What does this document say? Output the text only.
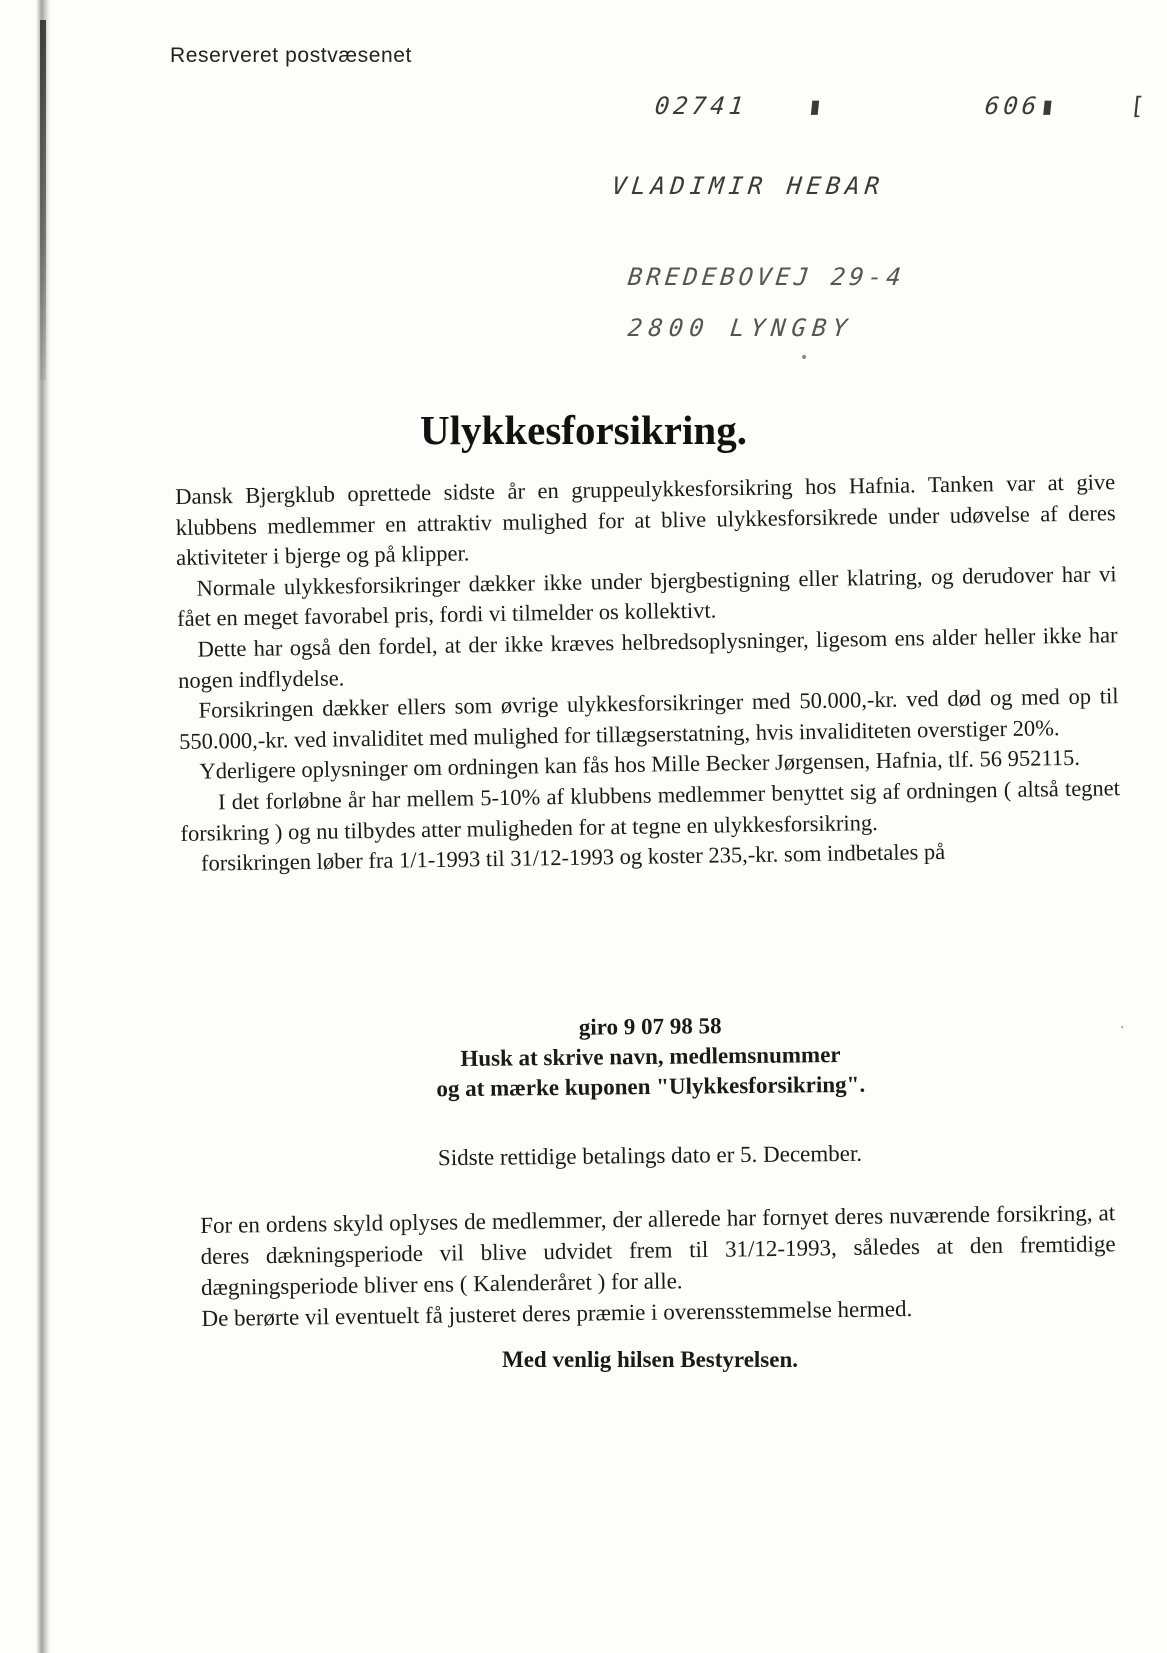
Reserveret postvæsenet
02741 ▮	606▮	[
VLADIMIR HEBAR
BREDEBOVEJ 29-4
2800 LYNGBY
•
Ulykkesforsikring.

Dansk Bjergklub oprettede sidste år en gruppeulykkesforsikring hos Hafnia. Tanken var at give klubbens medlemmer en attraktiv mulighed for at blive ulykkesforsikrede under udøvelse af deres aktiviteter i bjerge og på klipper.

Normale ulykkesforsikringer dækker ikke under bjergbestigning eller klatring, og derudover har vi fået en meget favorabel pris, fordi vi tilmelder os kollektivt.

Dette har også den fordel, at der ikke kræves helbredsoplysninger, ligesom ens alder heller ikke har nogen indflydelse.

Forsikringen dækker ellers som øvrige ulykkesforsikringer med 50.000,-kr. ved død og med op til 550.000,-kr. ved invaliditet med mulighed for tillægserstatning, hvis invaliditeten overstiger 20%.

Yderligere oplysninger om ordningen kan fås hos Mille Becker Jørgensen, Hafnia, tlf. 56 952115.

I det forløbne år har mellem 5-10% af klubbens medlemmer benyttet sig af ordningen ( altså tegnet forsikring ) og nu tilbydes atter muligheden for at tegne en ulykkesforsikring.

forsikringen løber fra 1/1-1993 til 31/12-1993 og koster 235,-kr. som indbetales på

giro 9 07 98 58
Husk at skrive navn, medlemsnummer
og at mærke kuponen "Ulykkesforsikring".
Sidste rettidige betalings dato er 5. December.

For en ordens skyld oplyses de medlemmer, der allerede har fornyet deres nuværende forsikring, at deres dækningsperiode vil blive udvidet frem til 31/12-1993, således at den fremtidige dægningsperiode bliver ens ( Kalenderåret ) for alle.

De berørte vil eventuelt få justeret deres præmie i overensstemmelse hermed.

Med venlig hilsen Bestyrelsen.
·
